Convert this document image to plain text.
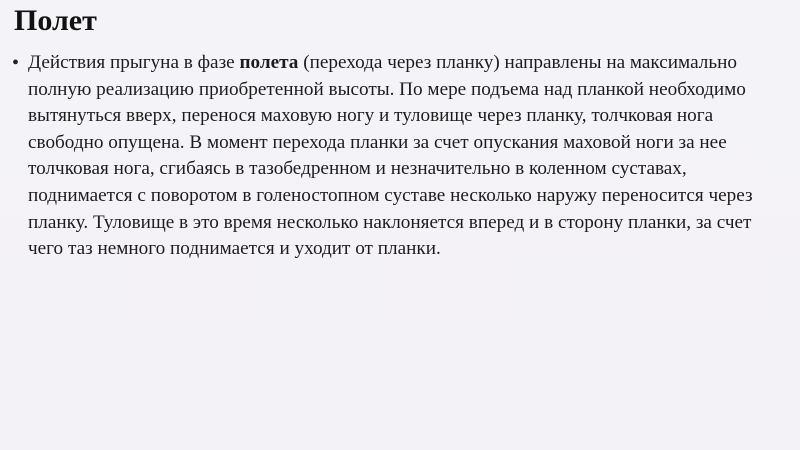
Полет
• Действия прыгуна в фазе полета (перехода через планку) направлены на максимально полную реализацию приобретенной высоты. По мере подъема над планкой необходимо вытянуться вверх, перенося маховую ногу и туловище через планку, толчковая нога свободно опущена. В момент перехода планки за счет опускания маховой ноги за нее толчковая нога, сгибаясь в тазобедренном и незначительно в коленном суставах, поднимается с поворотом в голеностопном суставе несколько наружу переносится через планку. Туловище в это время несколько наклоняется вперед и в сторону планки, за счет чего таз немного поднимается и уходит от планки.
